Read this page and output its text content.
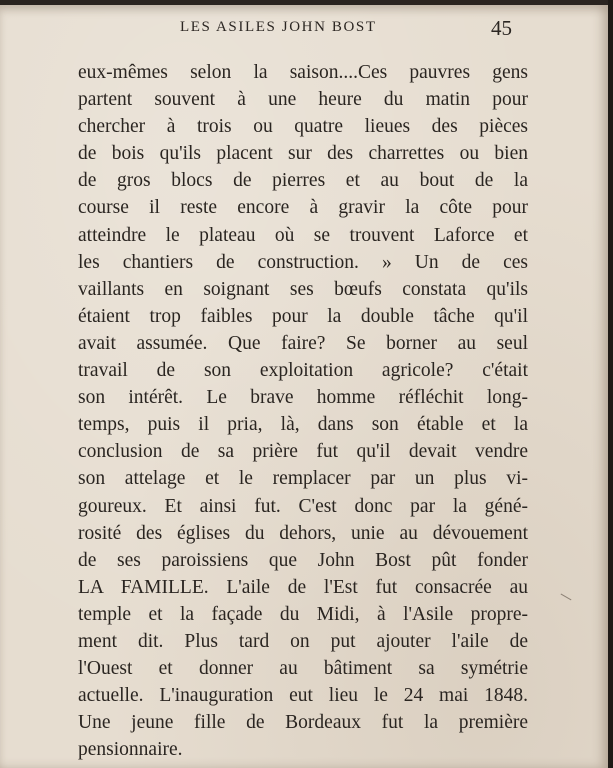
LES ASILES JOHN BOST	45
eux-mêmes selon la saison....Ces pauvres gens
partent souvent à une heure du matin pour
chercher à trois ou quatre lieues des pièces
de bois qu'ils placent sur des charrettes ou bien
de gros blocs de pierres et au bout de la
course il reste encore à gravir la côte pour
atteindre le plateau où se trouvent Laforce et
les chantiers de construction. » Un de ces
vaillants en soignant ses bœufs constata qu'ils
étaient trop faibles pour la double tâche qu'il
avait assumée. Que faire? Se borner au seul
travail de son exploitation agricole? c'était
son intérêt. Le brave homme réfléchit long-
temps, puis il pria, là, dans son étable et la
conclusion de sa prière fut qu'il devait vendre
son attelage et le remplacer par un plus vi-
goureux. Et ainsi fut. C'est donc par la géné-
rosité des églises du dehors, unie au dévouement
de ses paroissiens que John Bost pût fonder
LA FAMILLE. L'aile de l'Est fut consacrée au
temple et la façade du Midi, à l'Asile propre-
ment dit. Plus tard on put ajouter l'aile de
l'Ouest et donner au bâtiment sa symétrie
actuelle. L'inauguration eut lieu le 24 mai 1848.
Une jeune fille de Bordeaux fut la première
pensionnaire.
